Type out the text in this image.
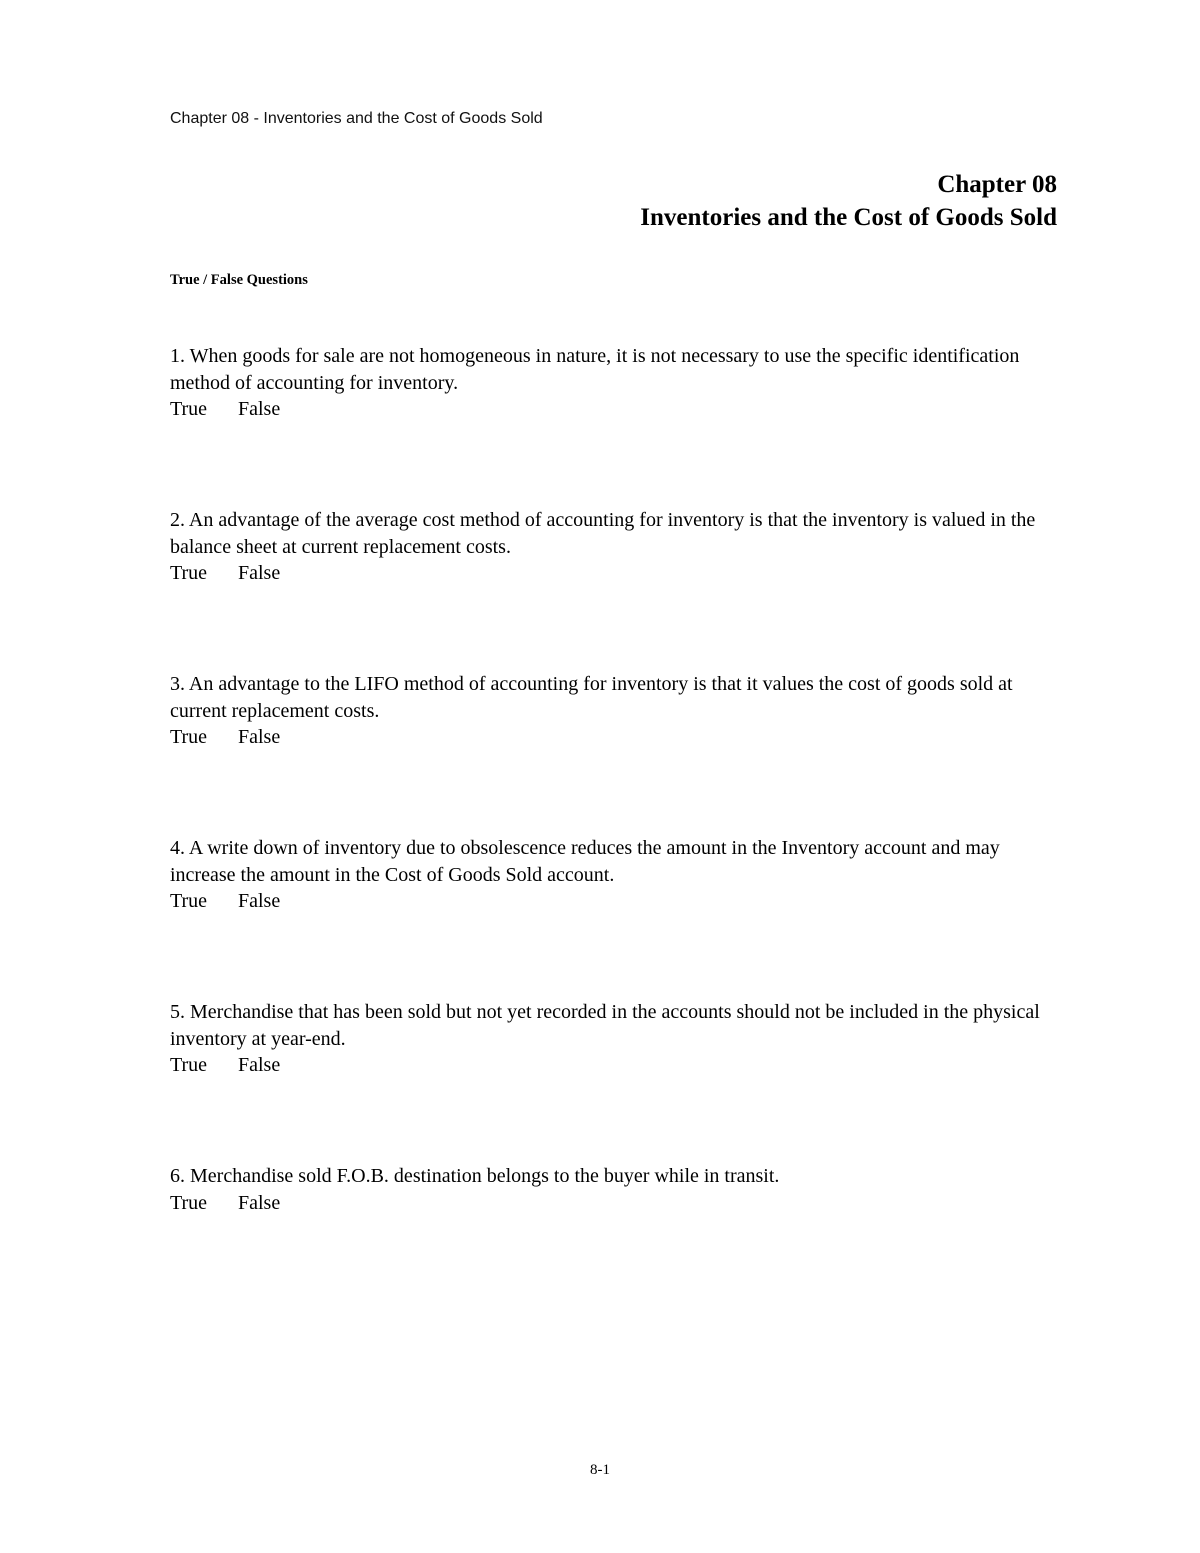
Chapter 08 - Inventories and the Cost of Goods Sold
Chapter 08
Inventories and the Cost of Goods Sold
True / False Questions

1. When goods for sale are not homogeneous in nature, it is not necessary to use the specific identification method of accounting for inventory.

True False

2. An advantage of the average cost method of accounting for inventory is that the inventory is valued in the balance sheet at current replacement costs.

True False

3. An advantage to the LIFO method of accounting for inventory is that it values the cost of goods sold at current replacement costs.

True False

4. A write down of inventory due to obsolescence reduces the amount in the Inventory account and may increase the amount in the Cost of Goods Sold account.

True False

5. Merchandise that has been sold but not yet recorded in the accounts should not be included in the physical inventory at year-end.

True False

6. Merchandise sold F.O.B. destination belongs to the buyer while in transit.

True False
8-1
